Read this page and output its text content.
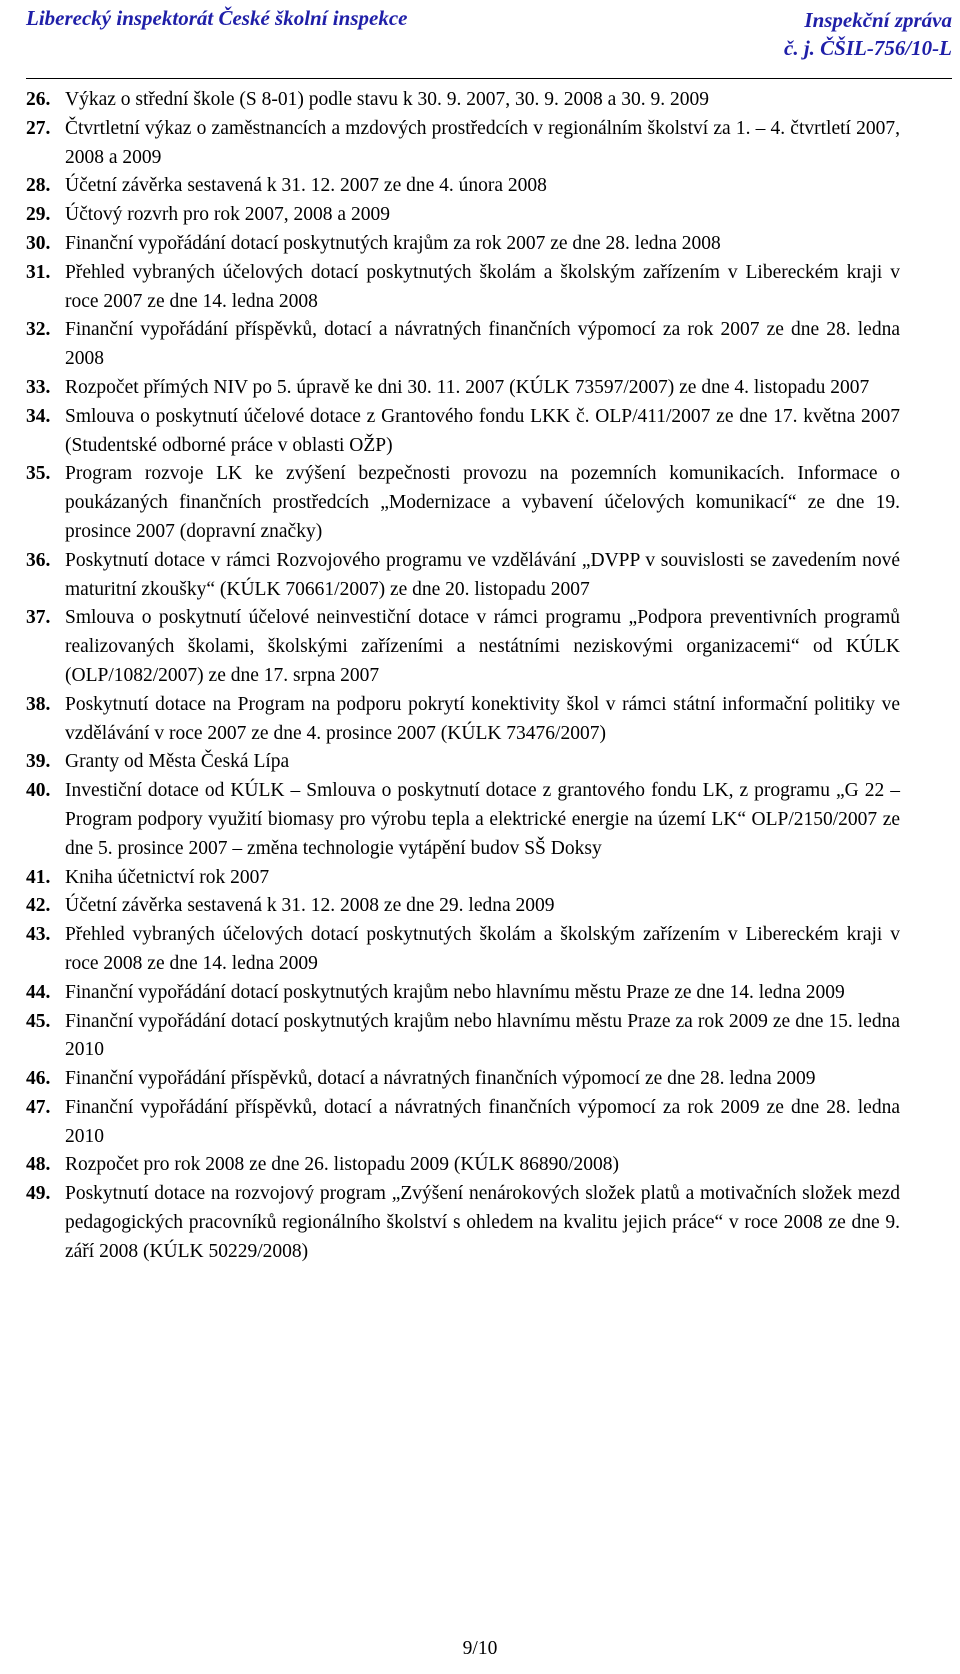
Liberecký inspektorát České školní inspekce	Inspekční zpráva
č. j. ČŠIL-756/10-L
26. Výkaz o střední škole (S 8-01) podle stavu k 30. 9. 2007, 30. 9. 2008 a 30. 9. 2009
27. Čtvrtletní výkaz o zaměstnancích a mzdových prostředcích v regionálním školství za 1. – 4. čtvrtletí 2007, 2008 a 2009
28. Účetní závěrka sestavená k 31. 12. 2007 ze dne 4. února 2008
29. Účtový rozvrh pro rok 2007, 2008 a 2009
30. Finanční vypořádání dotací poskytnutých krajům za rok 2007 ze dne 28. ledna 2008
31. Přehled vybraných účelových dotací poskytnutých školám a školským zařízením v Libereckém kraji v roce 2007 ze dne 14. ledna 2008
32. Finanční vypořádání příspěvků, dotací a návratných finančních výpomocí za rok 2007 ze dne 28. ledna 2008
33. Rozpočet přímých NIV po 5. úpravě ke dni 30. 11. 2007 (KÚLK 73597/2007) ze dne 4. listopadu 2007
34. Smlouva o poskytnutí účelové dotace z Grantového fondu LKK č. OLP/411/2007 ze dne 17. května 2007 (Studentské odborné práce v oblasti OŽP)
35. Program rozvoje LK ke zvýšení bezpečnosti provozu na pozemních komunikacích. Informace o poukázaných finančních prostředcích „Modernizace a vybavení účelových komunikací“ ze dne 19. prosince 2007 (dopravní značky)
36. Poskytnutí dotace v rámci Rozvojového programu ve vzdělávání „DVPP v souvislosti se zavedením nové maturitní zkoušky“ (KÚLK 70661/2007) ze dne 20. listopadu 2007
37. Smlouva o poskytnutí účelové neinvestiční dotace v rámci programu „Podpora preventivních programů realizovaných školami, školskými zařízeními a nestátními neziskovými organizacemi“ od KÚLK (OLP/1082/2007) ze dne 17. srpna 2007
38. Poskytnutí dotace na Program na podporu pokrytí konektivity škol v rámci státní informační politiky ve vzdělávání v roce 2007 ze dne 4. prosince 2007 (KÚLK 73476/2007)
39. Granty od Města Česká Lípa
40. Investiční dotace od KÚLK – Smlouva o poskytnutí dotace z grantového fondu LK, z programu „G 22 – Program podpory využití biomasy pro výrobu tepla a elektrické energie na území LK“ OLP/2150/2007 ze dne 5. prosince 2007 – změna technologie vytápění budov SŠ Doksy
41. Kniha účetnictví rok 2007
42. Účetní závěrka sestavená k 31. 12. 2008 ze dne 29. ledna 2009
43. Přehled vybraných účelových dotací poskytnutých školám a školským zařízením v Libereckém kraji v roce 2008 ze dne 14. ledna 2009
44. Finanční vypořádání dotací poskytnutých krajům nebo hlavnímu městu Praze ze dne 14. ledna 2009
45. Finanční vypořádání dotací poskytnutých krajům nebo hlavnímu městu Praze za rok 2009 ze dne 15. ledna 2010
46. Finanční vypořádání příspěvků, dotací a návratných finančních výpomocí ze dne 28. ledna 2009
47. Finanční vypořádání příspěvků, dotací a návratných finančních výpomocí za rok 2009 ze dne 28. ledna 2010
48. Rozpočet pro rok 2008 ze dne 26. listopadu 2009 (KÚLK 86890/2008)
49. Poskytnutí dotace na rozvojový program „Zvýšení nenárokových složek platů a motivačních složek mezd pedagogických pracovníků regionálního školství s ohledem na kvalitu jejich práce“ v roce 2008 ze dne 9. září 2008 (KÚLK 50229/2008)
9/10
